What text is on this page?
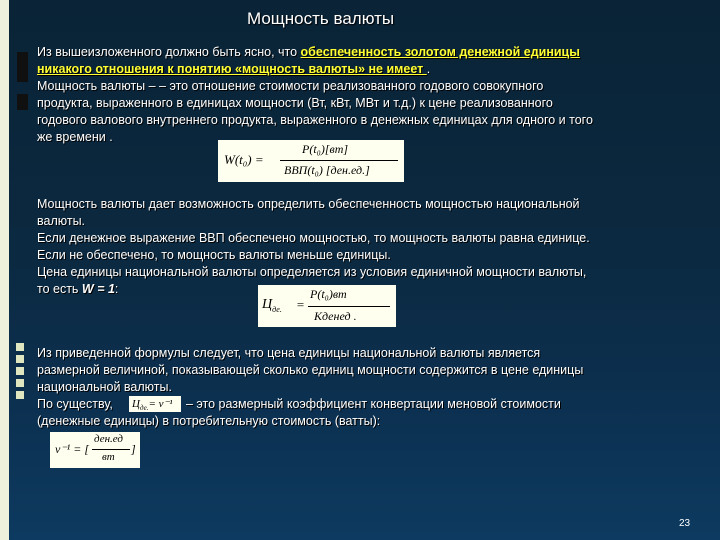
Мощность валюты
Из вышеизложенного должно быть ясно, что обеспеченность золотом денежной единицы
никакого отношения к понятию «мощность валюты» не имеет .
Мощность валюты – – это отношение стоимости реализованного годового совокупного
продукта, выраженного в единицах мощности (Вт, кВт, МВт и т.д.) к цене реализованного
годового валового внутреннего продукта, выраженного в денежных единицах для одного и того
же времени .
W(t₀) =
P(t₀)[вт]
ВВП(t₀) [ден.ед.]
Мощность валюты дает возможность определить обеспеченность мощностью национальной
валюты.
Если денежное выражение ВВП обеспечено мощностью, то мощность валюты равна единице.
Если не обеспечено, то мощность валюты меньше единицы.
Цена единицы национальной валюты определяется из условия единичной мощности валюты,
то есть W = 1:
$Ц_{де.}$ =
P(t₀)вт
Кденед .
Из приведенной формулы следует, что цена единицы национальной валюты является
размерной величиной, показывающей сколько единиц мощности содержится в цене единицы
национальной валюты.
По существу,	– это размерный коэффициент конвертации меновой стоимости
(денежные единицы) в потребительную стоимость (ватты):
$Ц_{де.}= v^{-1}$
v⁻¹ = [
ден.ед
вт
]
23
